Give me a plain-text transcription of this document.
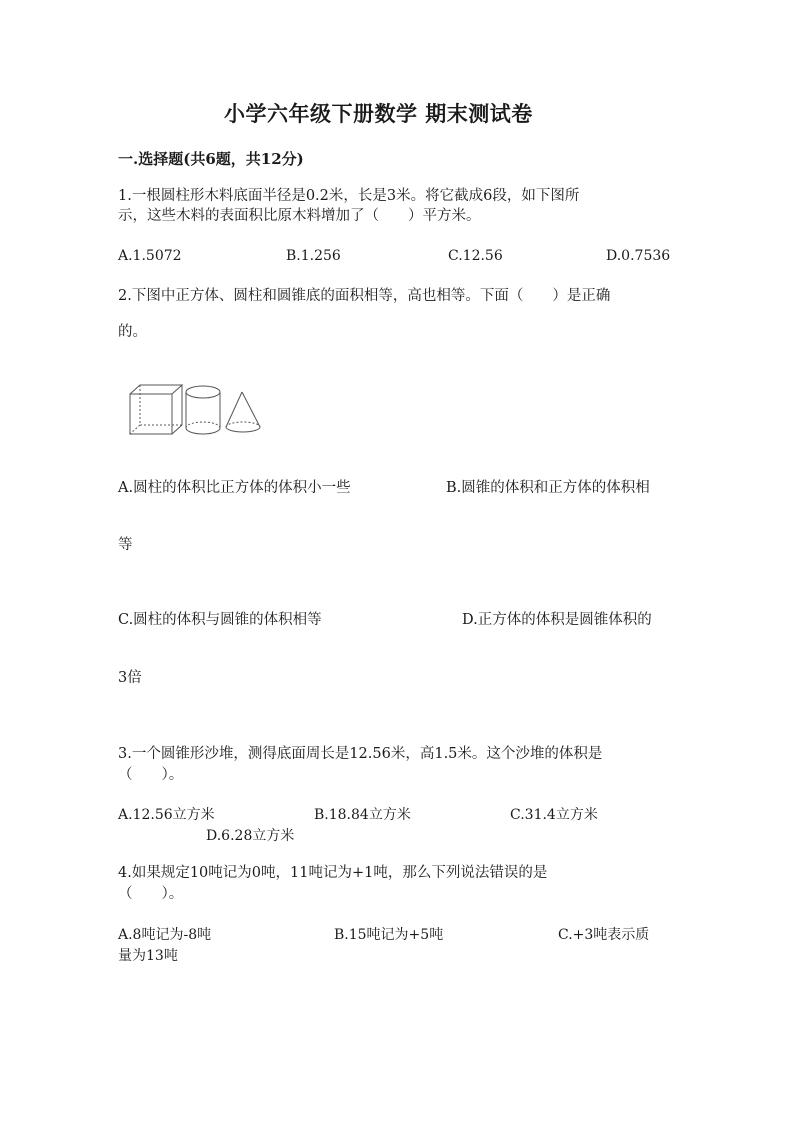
小学六年级下册数学 期末测试卷
一.选择题(共6题，共12分)
1.一根圆柱形木料底面半径是0.2米，长是3米。将它截成6段，如下图所
示，这些木料的表面积比原木料增加了（　　）平方米。
A.1.5072	B.1.256	C.12.56	D.0.7536
2.下图中正方体、圆柱和圆锥底的面积相等，高也相等。下面（　　）是正确
的。
A.圆柱的体积比正方体的体积小一些	B.圆锥的体积和正方体的体积相
等
C.圆柱的体积与圆锥的体积相等	D.正方体的体积是圆锥体积的
3倍
3.一个圆锥形沙堆，测得底面周长是12.56米，高1.5米。这个沙堆的体积是
（　　）。
A.12.56立方米	B.18.84立方米	C.31.4立方米
D.6.28立方米
4.如果规定10吨记为0吨，11吨记为+1吨，那么下列说法错误的是
（　　）。
A.8吨记为-8吨	B.15吨记为+5吨	C.+3吨表示质
量为13吨
